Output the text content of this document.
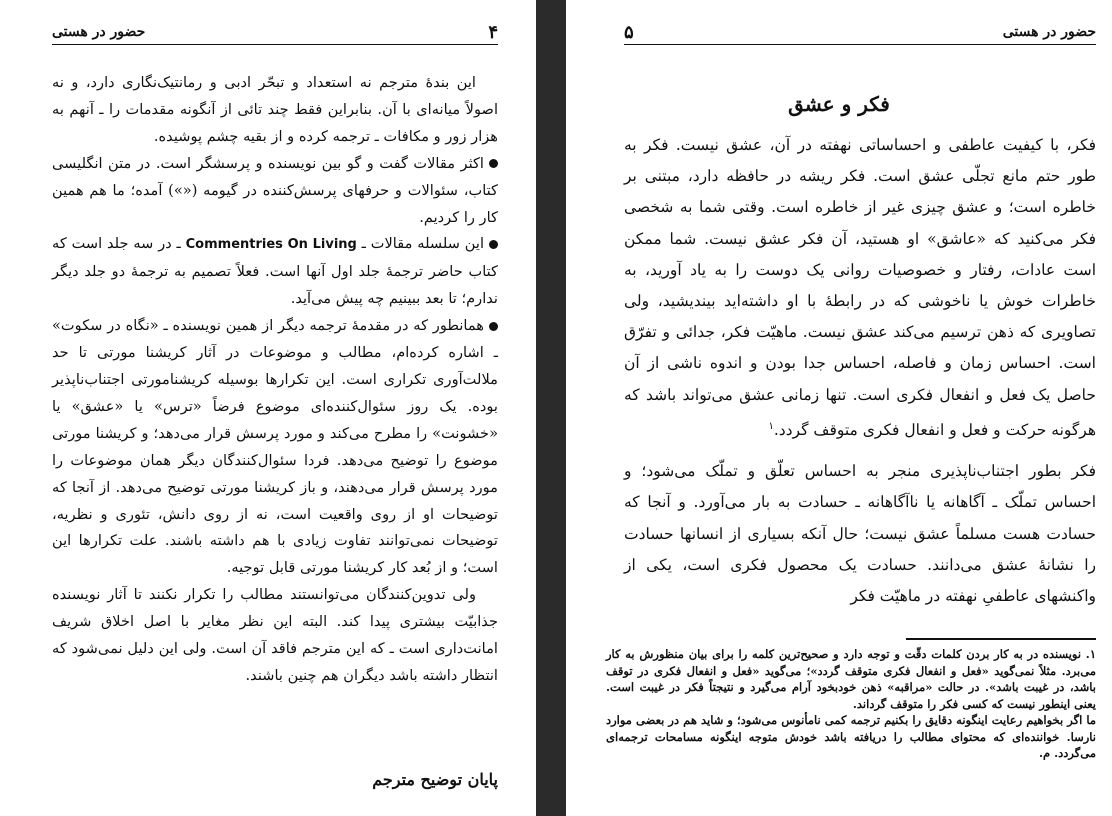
۴
حضور در هستی

این بندهٔ مترجم نه استعداد و تبحّر ادبی و رمانتیک‌نگاری دارد، و نه اصولاً میانه‌ای با آن. بنابراین فقط چند تائی از آنگونه مقدمات را ـ آنهم به هزار زور و مکافات ـ ترجمه کرده و از بقیه چشم پوشیده.

اکثر مقالات گفت و گو بین نویسنده و پرسشگر است. در متن انگلیسی کتاب، سئوالات و حرفهای پرسش‌کننده در گیومه («») آمده؛ ما هم همین کار را کردیم.

این سلسله مقالات ـ Commentries On Living ـ در سه جلد است که کتاب حاضر ترجمهٔ جلد اول آنها است. فعلاً تصمیم به ترجمهٔ دو جلد دیگر ندارم؛ تا بعد ببینیم چه پیش می‌آید.

همانطور که در مقدمهٔ ترجمه دیگر از همین نویسنده ـ «نگاه در سکوت» ـ اشاره کرده‌ام، مطالب و موضوعات در آثار کریشنا مورتی تا حد ملالت‌آوری تکراری است. این تکرارها بوسیله کریشنامورتی اجتناب‌ناپذیر بوده. یک روز سئوال‌کننده‌ای موضوع فرضاً «ترس» یا «عشق» یا «خشونت» را مطرح می‌کند و مورد پرسش قرار می‌دهد؛ و کریشنا مورتی موضوع را توضیح می‌دهد. فردا سئوال‌کنندگان دیگر همان موضوعات را مورد پرسش قرار می‌دهند، و باز کریشنا مورتی توضیح می‌دهد. از آنجا که توضیحات او از روی واقعیت است، نه از روی دانش، تئوری و نظریه، توضیحات نمی‌توانند تفاوت زیادی با هم داشته باشند. علت تکرارها این است؛ و از بُعد کار کریشنا مورتی قابل توجیه.

ولی تدوین‌کنندگان می‌توانستند مطالب را تکرار نکنند تا آثار نویسنده جذابیّت بیشتری پیدا کند. البته این نظر مغایر با اصل اخلاق شریف امانت‌داری است ـ که این مترجم فاقد آن است. ولی این دلیل نمی‌شود که انتظار داشته باشد دیگران هم چنین باشند.

پایان توضیح مترجم
حضور در هستی
۵
فکر و عشق

فکر، با کیفیت عاطفی و احساساتی نهفته در آن، عشق نیست. فکر به طور حتم مانع تجلّی عشق است. فکر ریشه در حافظه دارد، مبتنی بر خاطره است؛ و عشق چیزی غیر از خاطره است. وقتی شما به شخصی فکر می‌کنید که «عاشق» او هستید، آن فکر عشق نیست. شما ممکن است عادات، رفتار و خصوصیات روانی یک دوست را به یاد آورید، به خاطرات خوش یا ناخوشی که در رابطهٔ با او داشته‌اید بیندیشید، ولی تصاویری که ذهن ترسیم می‌کند عشق نیست. ماهیّت فکر، جدائی و تفرّق است. احساس زمان و فاصله، احساس جدا بودن و اندوه ناشی از آن حاصل یک فعل و انفعال فکری است. تنها زمانی عشق می‌تواند باشد که هرگونه حرکت و فعل و انفعال فکری متوقف گردد.$^۱$

فکر بطور اجتناب‌ناپذیری منجر به احساس تعلّق و تملّک می‌شود؛ و احساس تملّک ـ آگاهانه یا ناآگاهانه ـ حسادت به بار می‌آورد. و آنجا که حسادت هست مسلماً عشق نیست؛ حال آنکه بسیاری از انسانها حسادت را نشانهٔ عشق می‌دانند. حسادت یک محصول فکری است، یکی از واکنشهای عاطفیِ نهفته در ماهیّت فکر

۱. نویسنده در به کار بردن کلمات دقّت و توجه دارد و صحیح‌ترین کلمه را برای بیان منظورش به کار می‌برد. مثلاً نمی‌گوید «فعل و انفعال فکری متوقف گردد»؛ می‌گوید «فعل و انفعال فکری در توقف باشد، در غیبت باشد». در حالت «مراقبه» ذهن خودبخود آرام می‌گیرد و نتیجتاً فکر در غیبت است. یعنی اینطور نیست که کسی فکر را متوقف گرداند.

ما اگر بخواهیم رعایت اینگونه دقایق را بکنیم ترجمه کمی نامأنوس می‌شود؛ و شاید هم در بعضی موارد نارسا. خواننده‌ای که محتوای مطالب را دریافته باشد خودش متوجه اینگونه مسامحات ترجمه‌ای می‌گردد. م.
